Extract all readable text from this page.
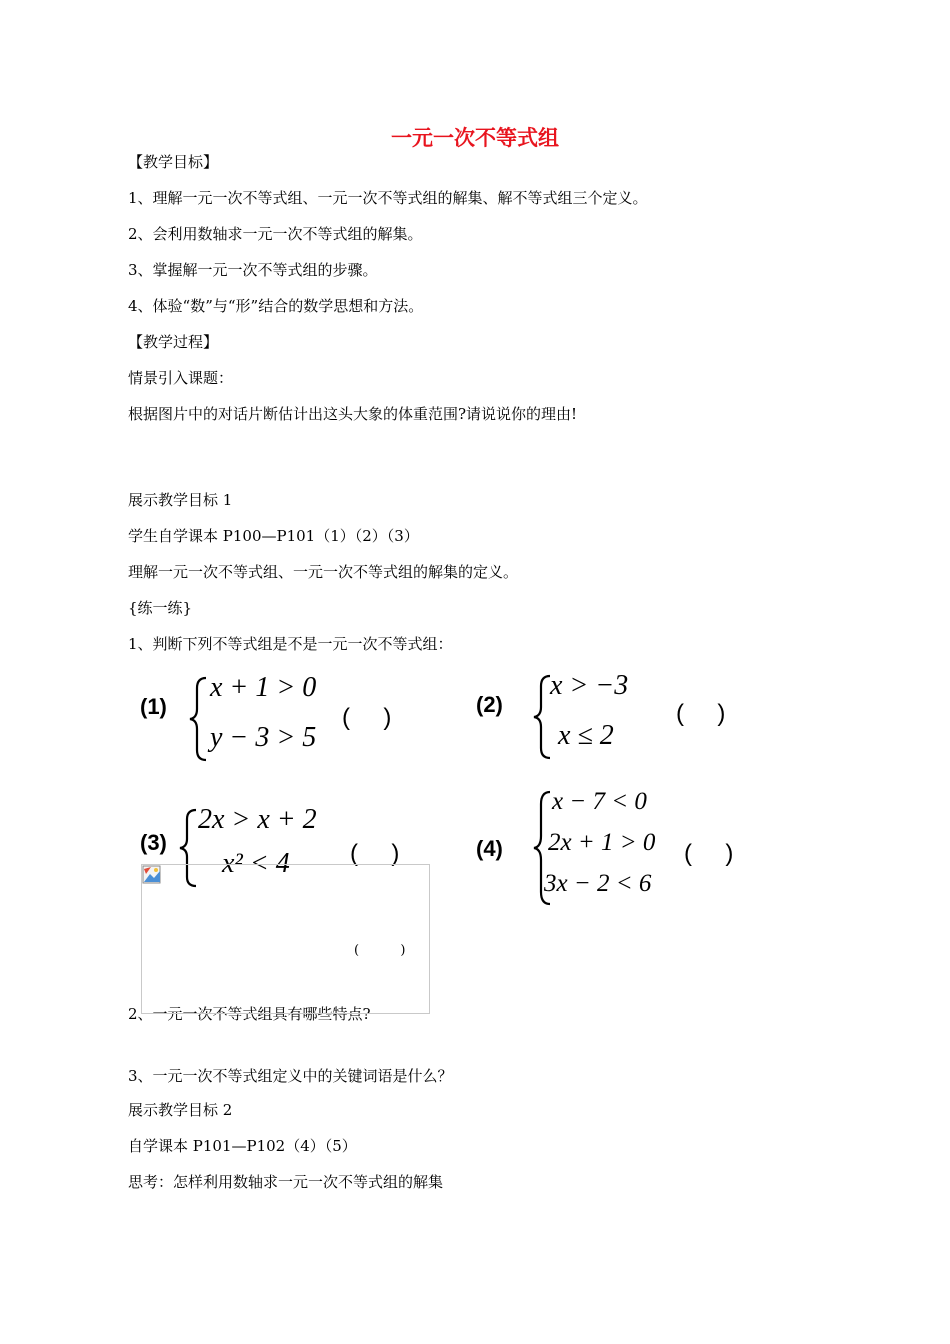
一元一次不等式组
【教学目标】
1、理解一元一次不等式组、一元一次不等式组的解集、解不等式组三个定义。
2、会利用数轴求一元一次不等式组的解集。
3、掌握解一元一次不等式组的步骤。
4、体验“数”与“形”结合的数学思想和方法。
【教学过程】
情景引入课题：
根据图片中的对话片断估计出这头大象的体重范围?请说说你的理由!
展示教学目标 1
学生自学课本 P100—P101（1）（2）（3）
理解一元一次不等式组、一元一次不等式组的解集的定义。
{练一练}
1、判断下列不等式组是不是一元一次不等式组：
2、一元一次不等式组具有哪些特点?
3、一元一次不等式组定义中的关键词语是什么？
展示教学目标 2
自学课本 P101—P102（4）（5）
思考：怎样利用数轴求一元一次不等式组的解集
(1)
x + 1 > 0
y − 3 > 5
(     )	(2)
x > −3
x ≤ 2
(     )
(3)
2x > x + 2
x² < 4	(     )	(4)
x − 7 < 0
2x + 1 > 0
3x − 2 < 6
(     )
(          )
